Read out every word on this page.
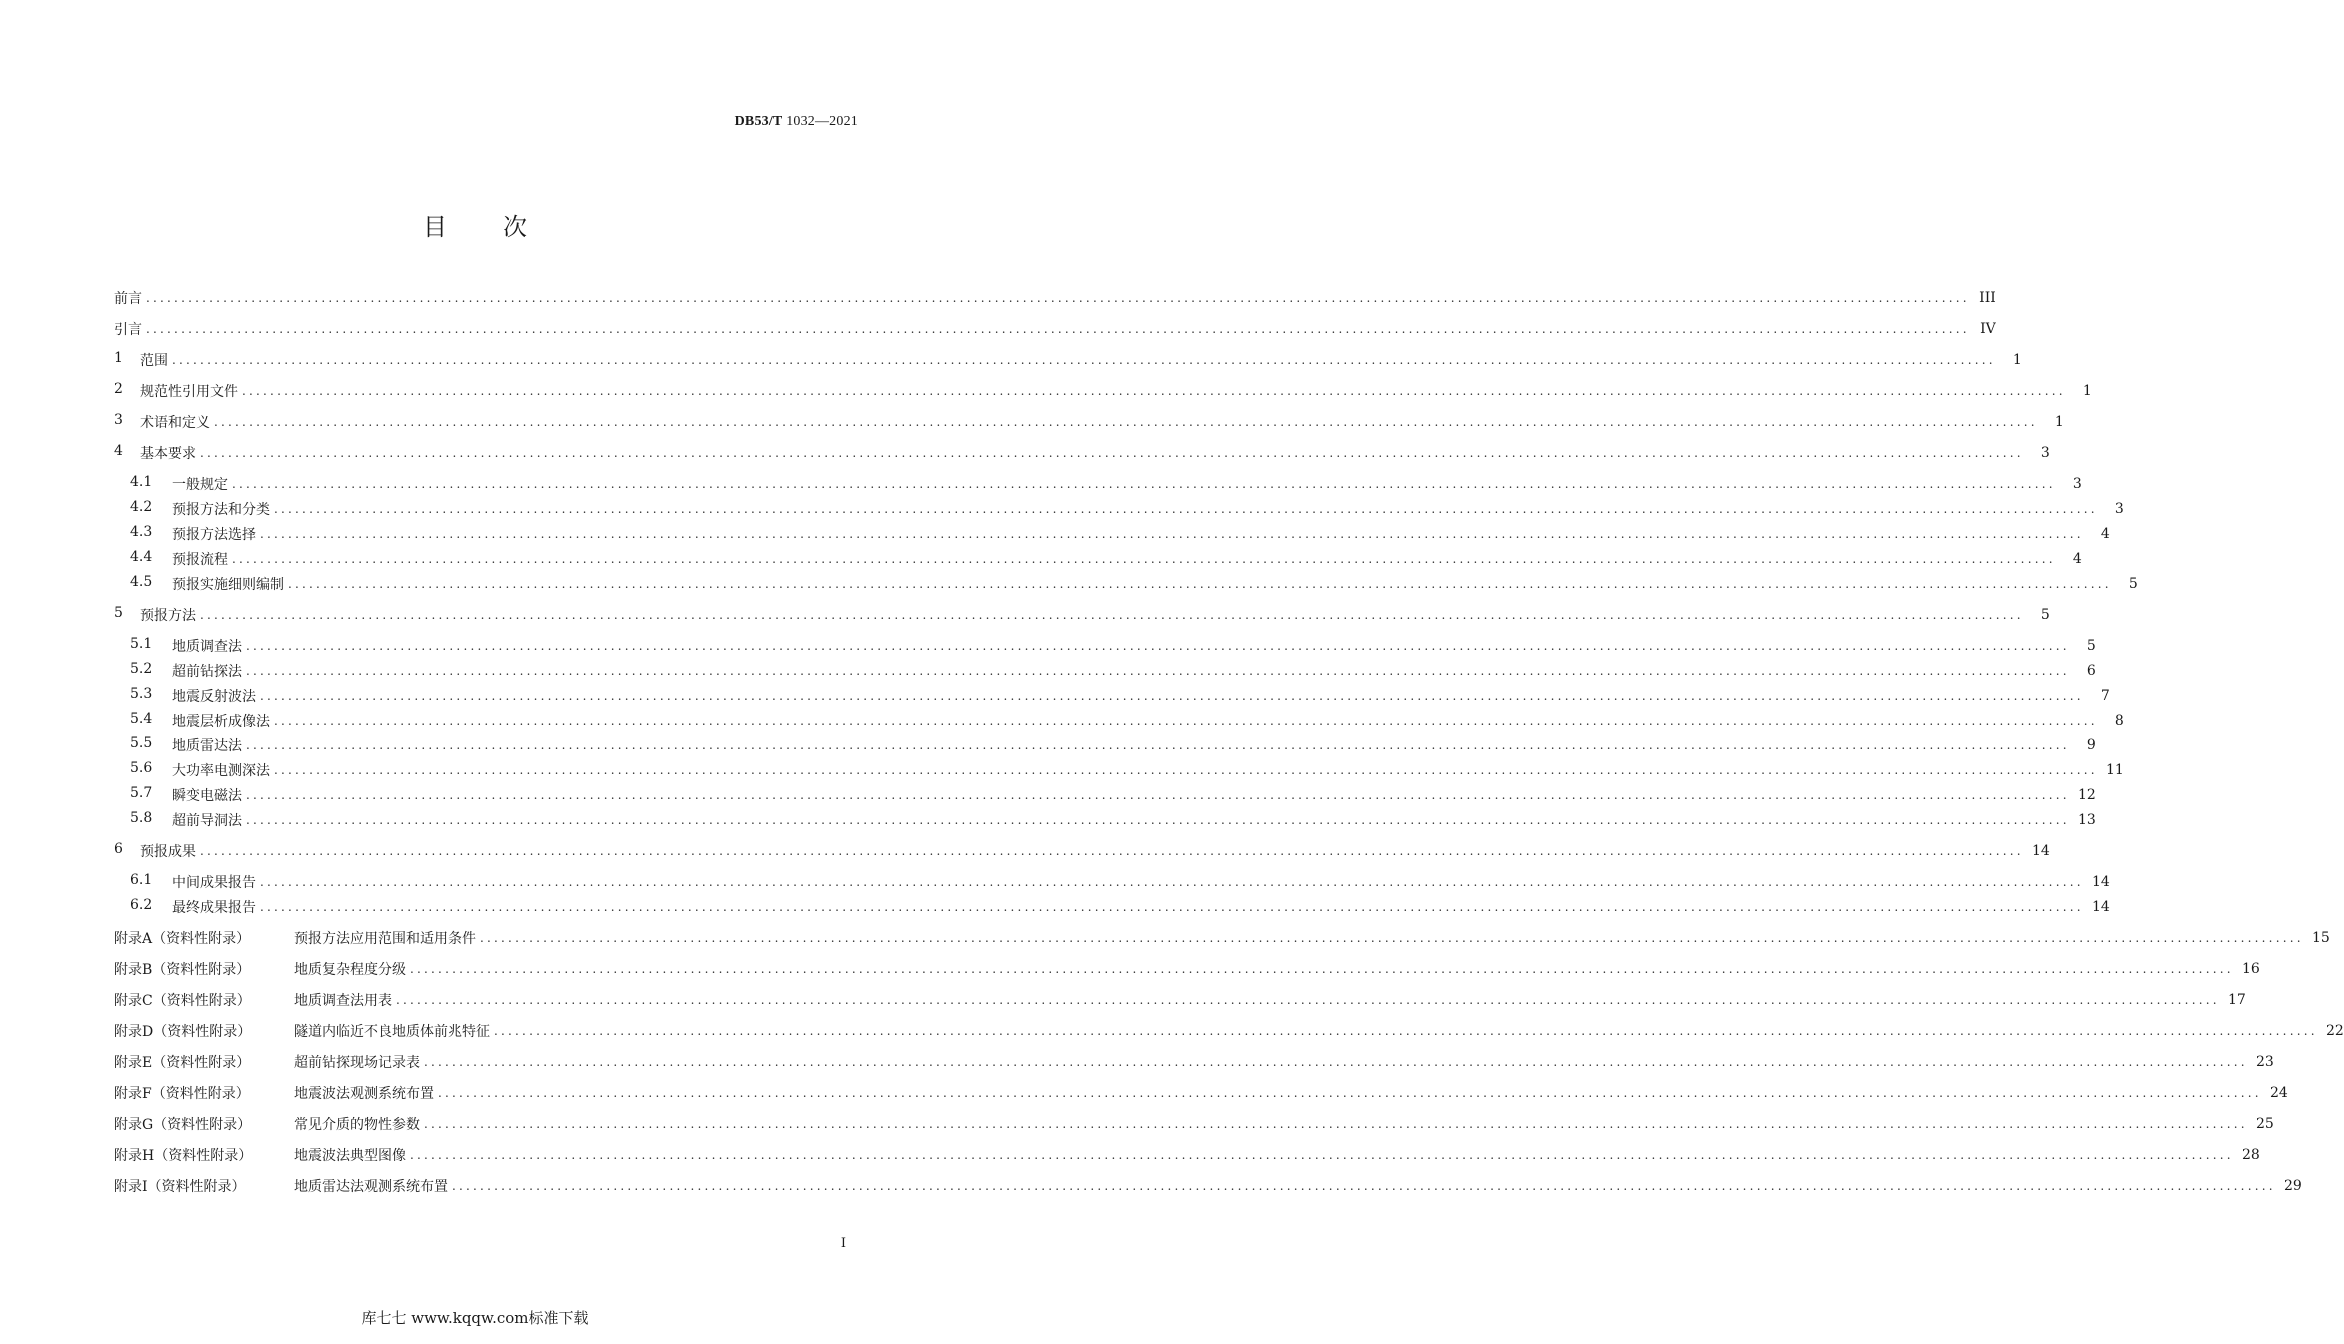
DB53/T 1032—2021
目次
前言 .................................................................................................................................................................................................................................................................... III
引言 .................................................................................................................................................................................................................................................................... IV
1	范围 ....................................................................................................................................................................................................................................................................	1
2	规范性引用文件 ....................................................................................................................................................................................................................................................................	1
3	术语和定义 ....................................................................................................................................................................................................................................................................	1
4	基本要求 ....................................................................................................................................................................................................................................................................	3
4.1	一般规定 ....................................................................................................................................................................................................................................................................	3
4.2	预报方法和分类 ....................................................................................................................................................................................................................................................................	3
4.3	预报方法选择 ....................................................................................................................................................................................................................................................................	4
4.4	预报流程 ....................................................................................................................................................................................................................................................................	4
4.5	预报实施细则编制 ....................................................................................................................................................................................................................................................................	5
5	预报方法 ....................................................................................................................................................................................................................................................................	5
5.1	地质调查法 ....................................................................................................................................................................................................................................................................	5
5.2	超前钻探法 ....................................................................................................................................................................................................................................................................	6
5.3	地震反射波法 ....................................................................................................................................................................................................................................................................	7
5.4	地震层析成像法 ....................................................................................................................................................................................................................................................................	8
5.5	地质雷达法 ....................................................................................................................................................................................................................................................................	9
5.6	大功率电测深法 .................................................................................................................................................................................................................................................................... 11
5.7	瞬变电磁法 .................................................................................................................................................................................................................................................................... 12
5.8	超前导洞法 .................................................................................................................................................................................................................................................................... 13
6	预报成果 .................................................................................................................................................................................................................................................................... 14
6.1	中间成果报告 .................................................................................................................................................................................................................................................................... 14
6.2	最终成果报告 .................................................................................................................................................................................................................................................................... 14
附录A（资料性附录）	预报方法应用范围和适用条件 .................................................................................................................................................................................................................................................................... 15
附录B（资料性附录）	地质复杂程度分级 .................................................................................................................................................................................................................................................................... 16
附录C（资料性附录）	地质调查法用表 .................................................................................................................................................................................................................................................................... 17
附录D（资料性附录）	隧道内临近不良地质体前兆特征 .................................................................................................................................................................................................................................................................... 22
附录E（资料性附录）	超前钻探现场记录表 .................................................................................................................................................................................................................................................................... 23
附录F（资料性附录）	地震波法观测系统布置 .................................................................................................................................................................................................................................................................... 24
附录G（资料性附录）	常见介质的物性参数 .................................................................................................................................................................................................................................................................... 25
附录H（资料性附录）	地震波法典型图像 .................................................................................................................................................................................................................................................................... 28
附录I（资料性附录）	地质雷达法观测系统布置 .................................................................................................................................................................................................................................................................... 29
I
库七七 www.kqqw.com标准下载
